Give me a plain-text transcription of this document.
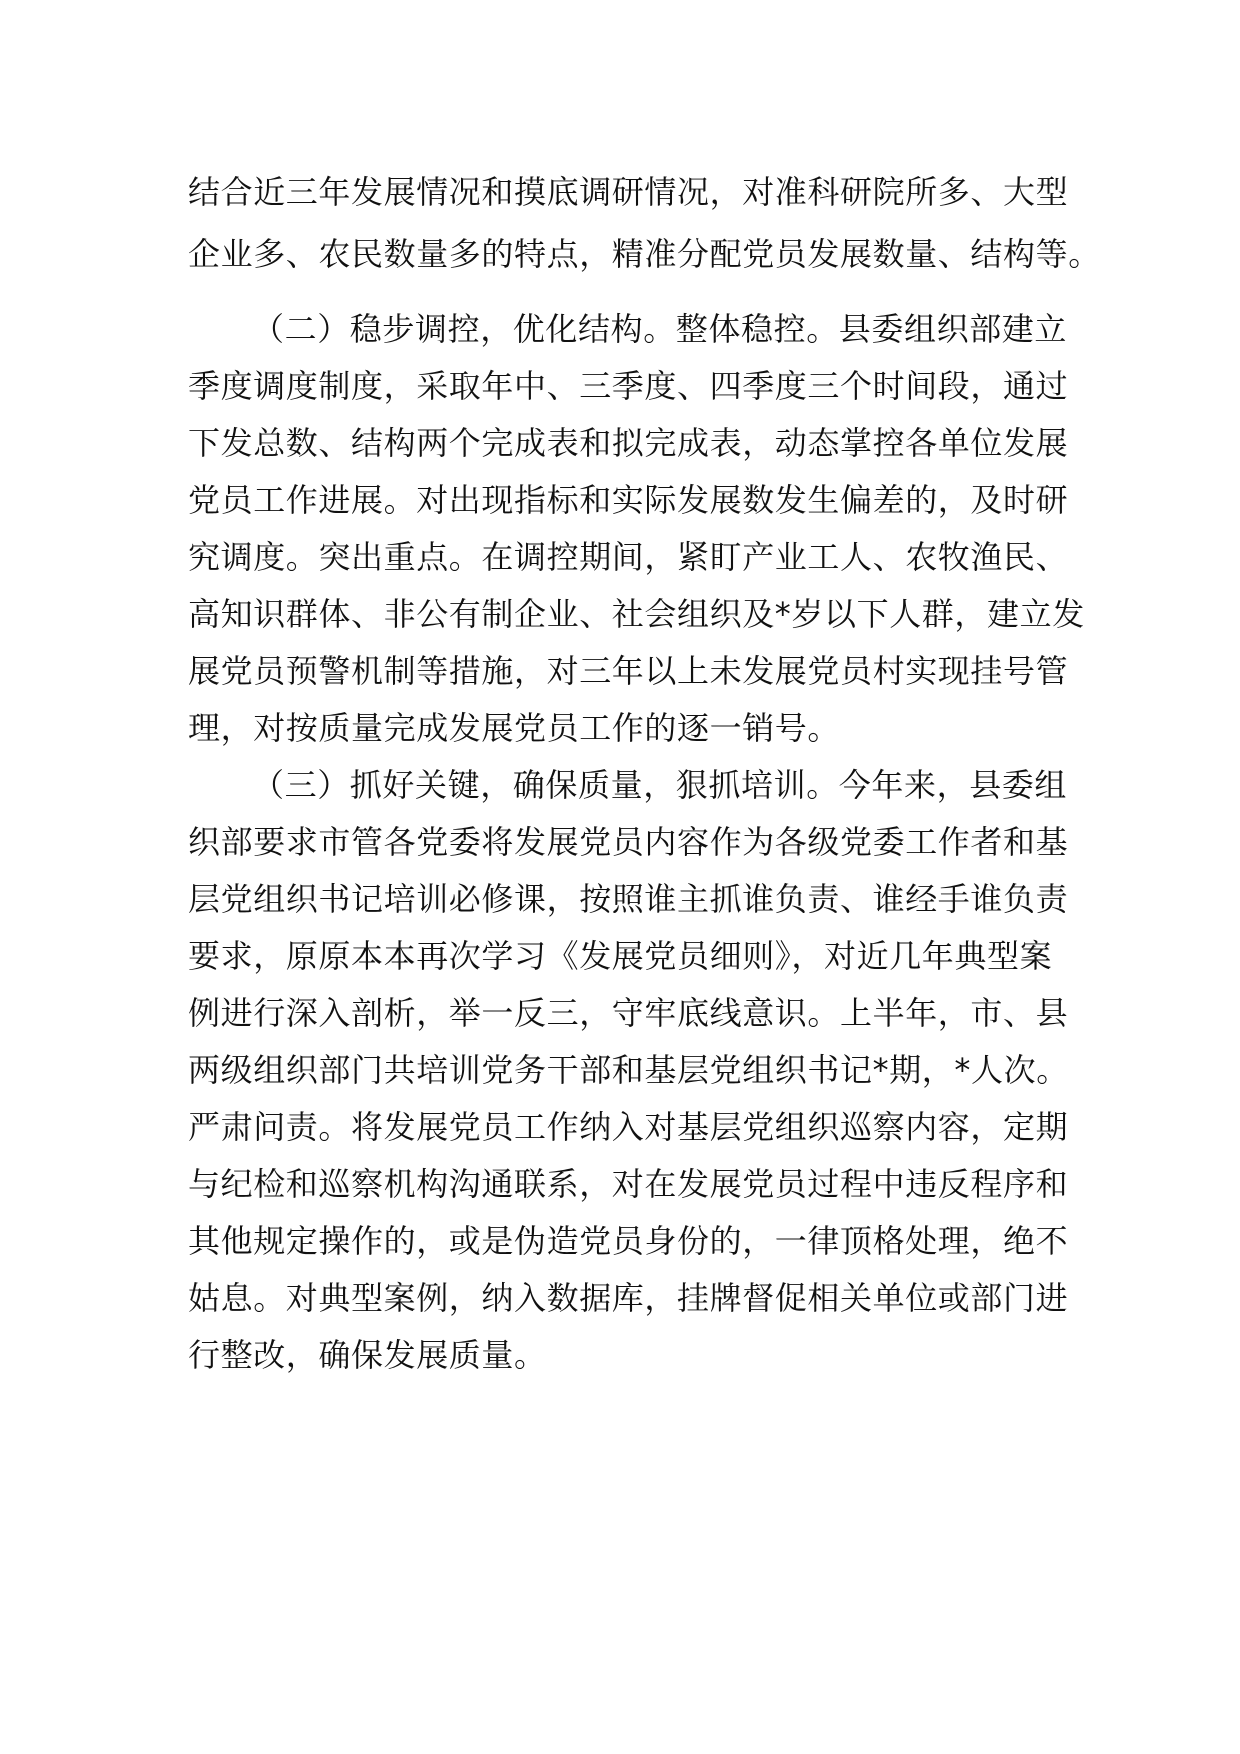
结合近三年发展情况和摸底调研情况，对准科研院所多、大型
企业多、农民数量多的特点，精准分配党员发展数量、结构等。
（二）稳步调控，优化结构。整体稳控。县委组织部建立
季度调度制度，采取年中、三季度、四季度三个时间段，通过
下发总数、结构两个完成表和拟完成表，动态掌控各单位发展
党员工作进展。对出现指标和实际发展数发生偏差的，及时研
究调度。突出重点。在调控期间，紧盯产业工人、农牧渔民、
高知识群体、非公有制企业、社会组织及*岁以下人群，建立发
展党员预警机制等措施，对三年以上未发展党员村实现挂号管
理，对按质量完成发展党员工作的逐一销号。
（三）抓好关键，确保质量，狠抓培训。今年来，县委组
织部要求市管各党委将发展党员内容作为各级党委工作者和基
层党组织书记培训必修课，按照谁主抓谁负责、谁经手谁负责
要求，原原本本再次学习《发展党员细则》，对近几年典型案
例进行深入剖析，举一反三，守牢底线意识。上半年，市、县
两级组织部门共培训党务干部和基层党组织书记*期，*人次。
严肃问责。将发展党员工作纳入对基层党组织巡察内容，定期
与纪检和巡察机构沟通联系，对在发展党员过程中违反程序和
其他规定操作的，或是伪造党员身份的，一律顶格处理，绝不
姑息。对典型案例，纳入数据库，挂牌督促相关单位或部门进
行整改，确保发展质量。
